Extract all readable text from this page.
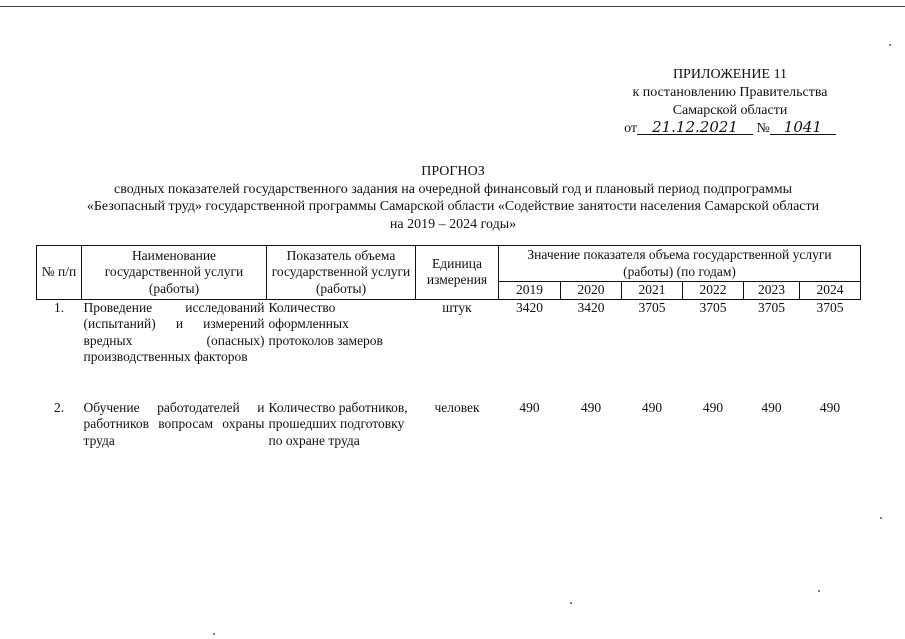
ПРИЛОЖЕНИЕ 11
к постановлению Правительства
Самарской области
от 21.12.2021 № 1041
ПРОГНОЗ
сводных показателей государственного задания на очередной финансовый год и плановый период подпрограммы
«Безопасный труд» государственной программы Самарской области «Содействие занятости населения Самарской области
на 2019 – 2024 годы»
№ п/п	Наименование государственной услуги (работы)	Показатель объема государственной услуги (работы)	Единица измерения	Значение показателя объема государственной услуги (работы) (по годам)					
				2019	2020	2021	2022	2023	2024
1.	Проведение исследований (испытаний) и измерений вредных (опасных) производственных факторов	Количество оформленных протоколов замеров	штук	3420	3420	3705	3705	3705	3705
2.	Обучение работодателей и работников вопросам охраны труда	Количество работников, прошедших подготовку по охране труда	человек	490	490	490	490	490	490
